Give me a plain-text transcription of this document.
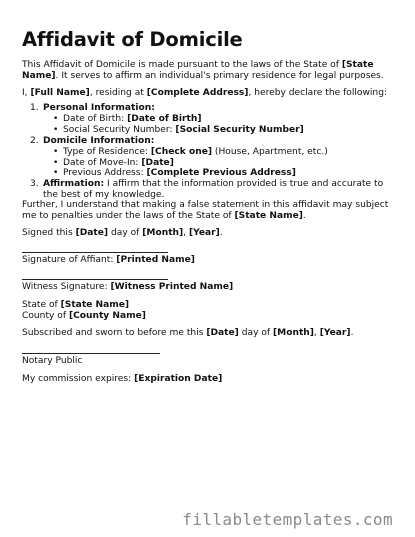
Affidavit of Domicile

This Affidavit of Domicile is made pursuant to the laws of the State of [State Name]. It serves to affirm an individual's primary residence for legal purposes.

I, [Full Name], residing at [Complete Address], hereby declare the following:

1. Personal Information:
• Date of Birth: [Date of Birth]
• Social Security Number: [Social Security Number]
2. Domicile Information:
• Type of Residence: [Check one] (House, Apartment, etc.)
• Date of Move-In: [Date]
• Previous Address: [Complete Previous Address]
3. Affirmation: I affirm that the information provided is true and accurate to the best of my knowledge.

Further, I understand that making a false statement in this affidavit may subject me to penalties under the laws of the State of [State Name].

Signed this [Date] day of [Month], [Year].

Signature of Affiant: [Printed Name]

Witness Signature: [Witness Printed Name]

State of [State Name]

County of [County Name]

Subscribed and sworn to before me this [Date] day of [Month], [Year].

Notary Public

My commission expires: [Expiration Date]

fillabletemplates.com
